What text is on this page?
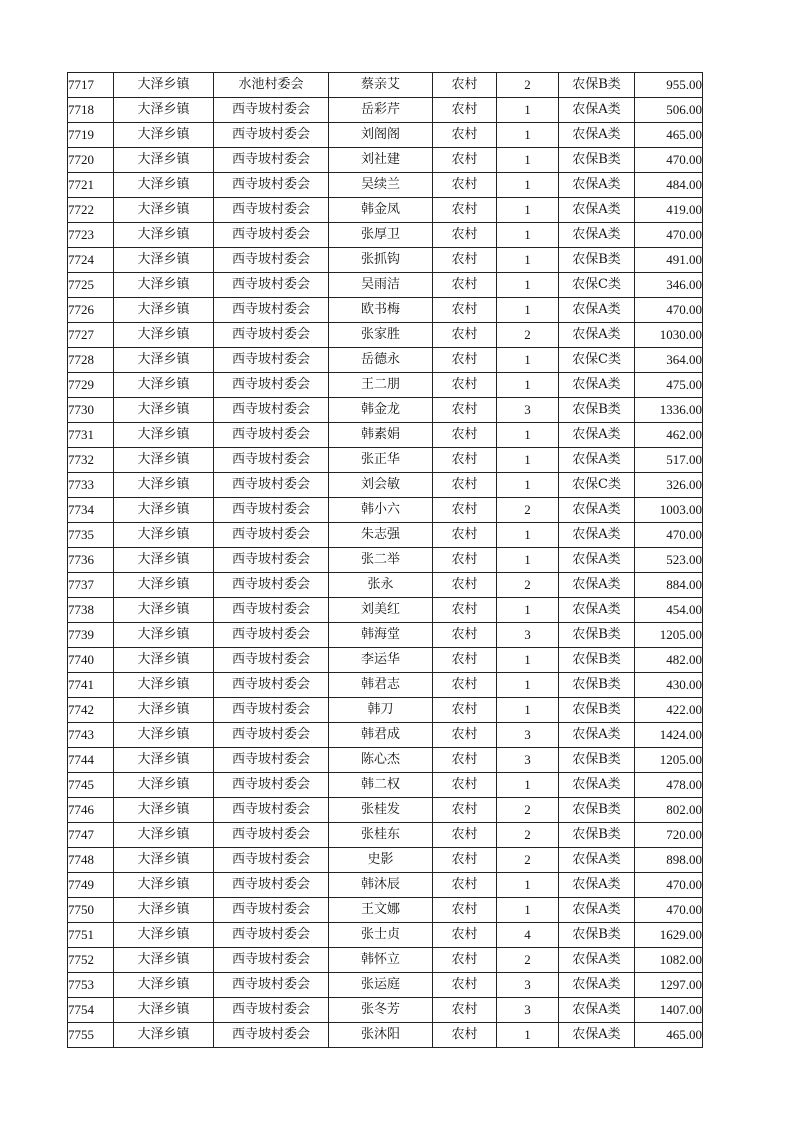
7717	大泽乡镇	水池村委会	蔡亲艾	农村	2	农保B类	955.00
7718	大泽乡镇	西寺坡村委会	岳彩芹	农村	1	农保A类	506.00
7719	大泽乡镇	西寺坡村委会	刘阁阁	农村	1	农保A类	465.00
7720	大泽乡镇	西寺坡村委会	刘社建	农村	1	农保B类	470.00
7721	大泽乡镇	西寺坡村委会	吴续兰	农村	1	农保A类	484.00
7722	大泽乡镇	西寺坡村委会	韩金凤	农村	1	农保A类	419.00
7723	大泽乡镇	西寺坡村委会	张厚卫	农村	1	农保A类	470.00
7724	大泽乡镇	西寺坡村委会	张抓钩	农村	1	农保B类	491.00
7725	大泽乡镇	西寺坡村委会	吴雨洁	农村	1	农保C类	346.00
7726	大泽乡镇	西寺坡村委会	欧书梅	农村	1	农保A类	470.00
7727	大泽乡镇	西寺坡村委会	张家胜	农村	2	农保A类	1030.00
7728	大泽乡镇	西寺坡村委会	岳德永	农村	1	农保C类	364.00
7729	大泽乡镇	西寺坡村委会	王二朋	农村	1	农保A类	475.00
7730	大泽乡镇	西寺坡村委会	韩金龙	农村	3	农保B类	1336.00
7731	大泽乡镇	西寺坡村委会	韩素娟	农村	1	农保A类	462.00
7732	大泽乡镇	西寺坡村委会	张正华	农村	1	农保A类	517.00
7733	大泽乡镇	西寺坡村委会	刘会敏	农村	1	农保C类	326.00
7734	大泽乡镇	西寺坡村委会	韩小六	农村	2	农保A类	1003.00
7735	大泽乡镇	西寺坡村委会	朱志强	农村	1	农保A类	470.00
7736	大泽乡镇	西寺坡村委会	张二举	农村	1	农保A类	523.00
7737	大泽乡镇	西寺坡村委会	张永	农村	2	农保A类	884.00
7738	大泽乡镇	西寺坡村委会	刘美红	农村	1	农保A类	454.00
7739	大泽乡镇	西寺坡村委会	韩海堂	农村	3	农保B类	1205.00
7740	大泽乡镇	西寺坡村委会	李运华	农村	1	农保B类	482.00
7741	大泽乡镇	西寺坡村委会	韩君志	农村	1	农保B类	430.00
7742	大泽乡镇	西寺坡村委会	韩刀	农村	1	农保B类	422.00
7743	大泽乡镇	西寺坡村委会	韩君成	农村	3	农保A类	1424.00
7744	大泽乡镇	西寺坡村委会	陈心杰	农村	3	农保B类	1205.00
7745	大泽乡镇	西寺坡村委会	韩二权	农村	1	农保A类	478.00
7746	大泽乡镇	西寺坡村委会	张桂发	农村	2	农保B类	802.00
7747	大泽乡镇	西寺坡村委会	张桂东	农村	2	农保B类	720.00
7748	大泽乡镇	西寺坡村委会	史影	农村	2	农保A类	898.00
7749	大泽乡镇	西寺坡村委会	韩沐辰	农村	1	农保A类	470.00
7750	大泽乡镇	西寺坡村委会	王文娜	农村	1	农保A类	470.00
7751	大泽乡镇	西寺坡村委会	张士贞	农村	4	农保B类	1629.00
7752	大泽乡镇	西寺坡村委会	韩怀立	农村	2	农保A类	1082.00
7753	大泽乡镇	西寺坡村委会	张运庭	农村	3	农保A类	1297.00
7754	大泽乡镇	西寺坡村委会	张冬芳	农村	3	农保A类	1407.00
7755	大泽乡镇	西寺坡村委会	张沐阳	农村	1	农保A类	465.00
